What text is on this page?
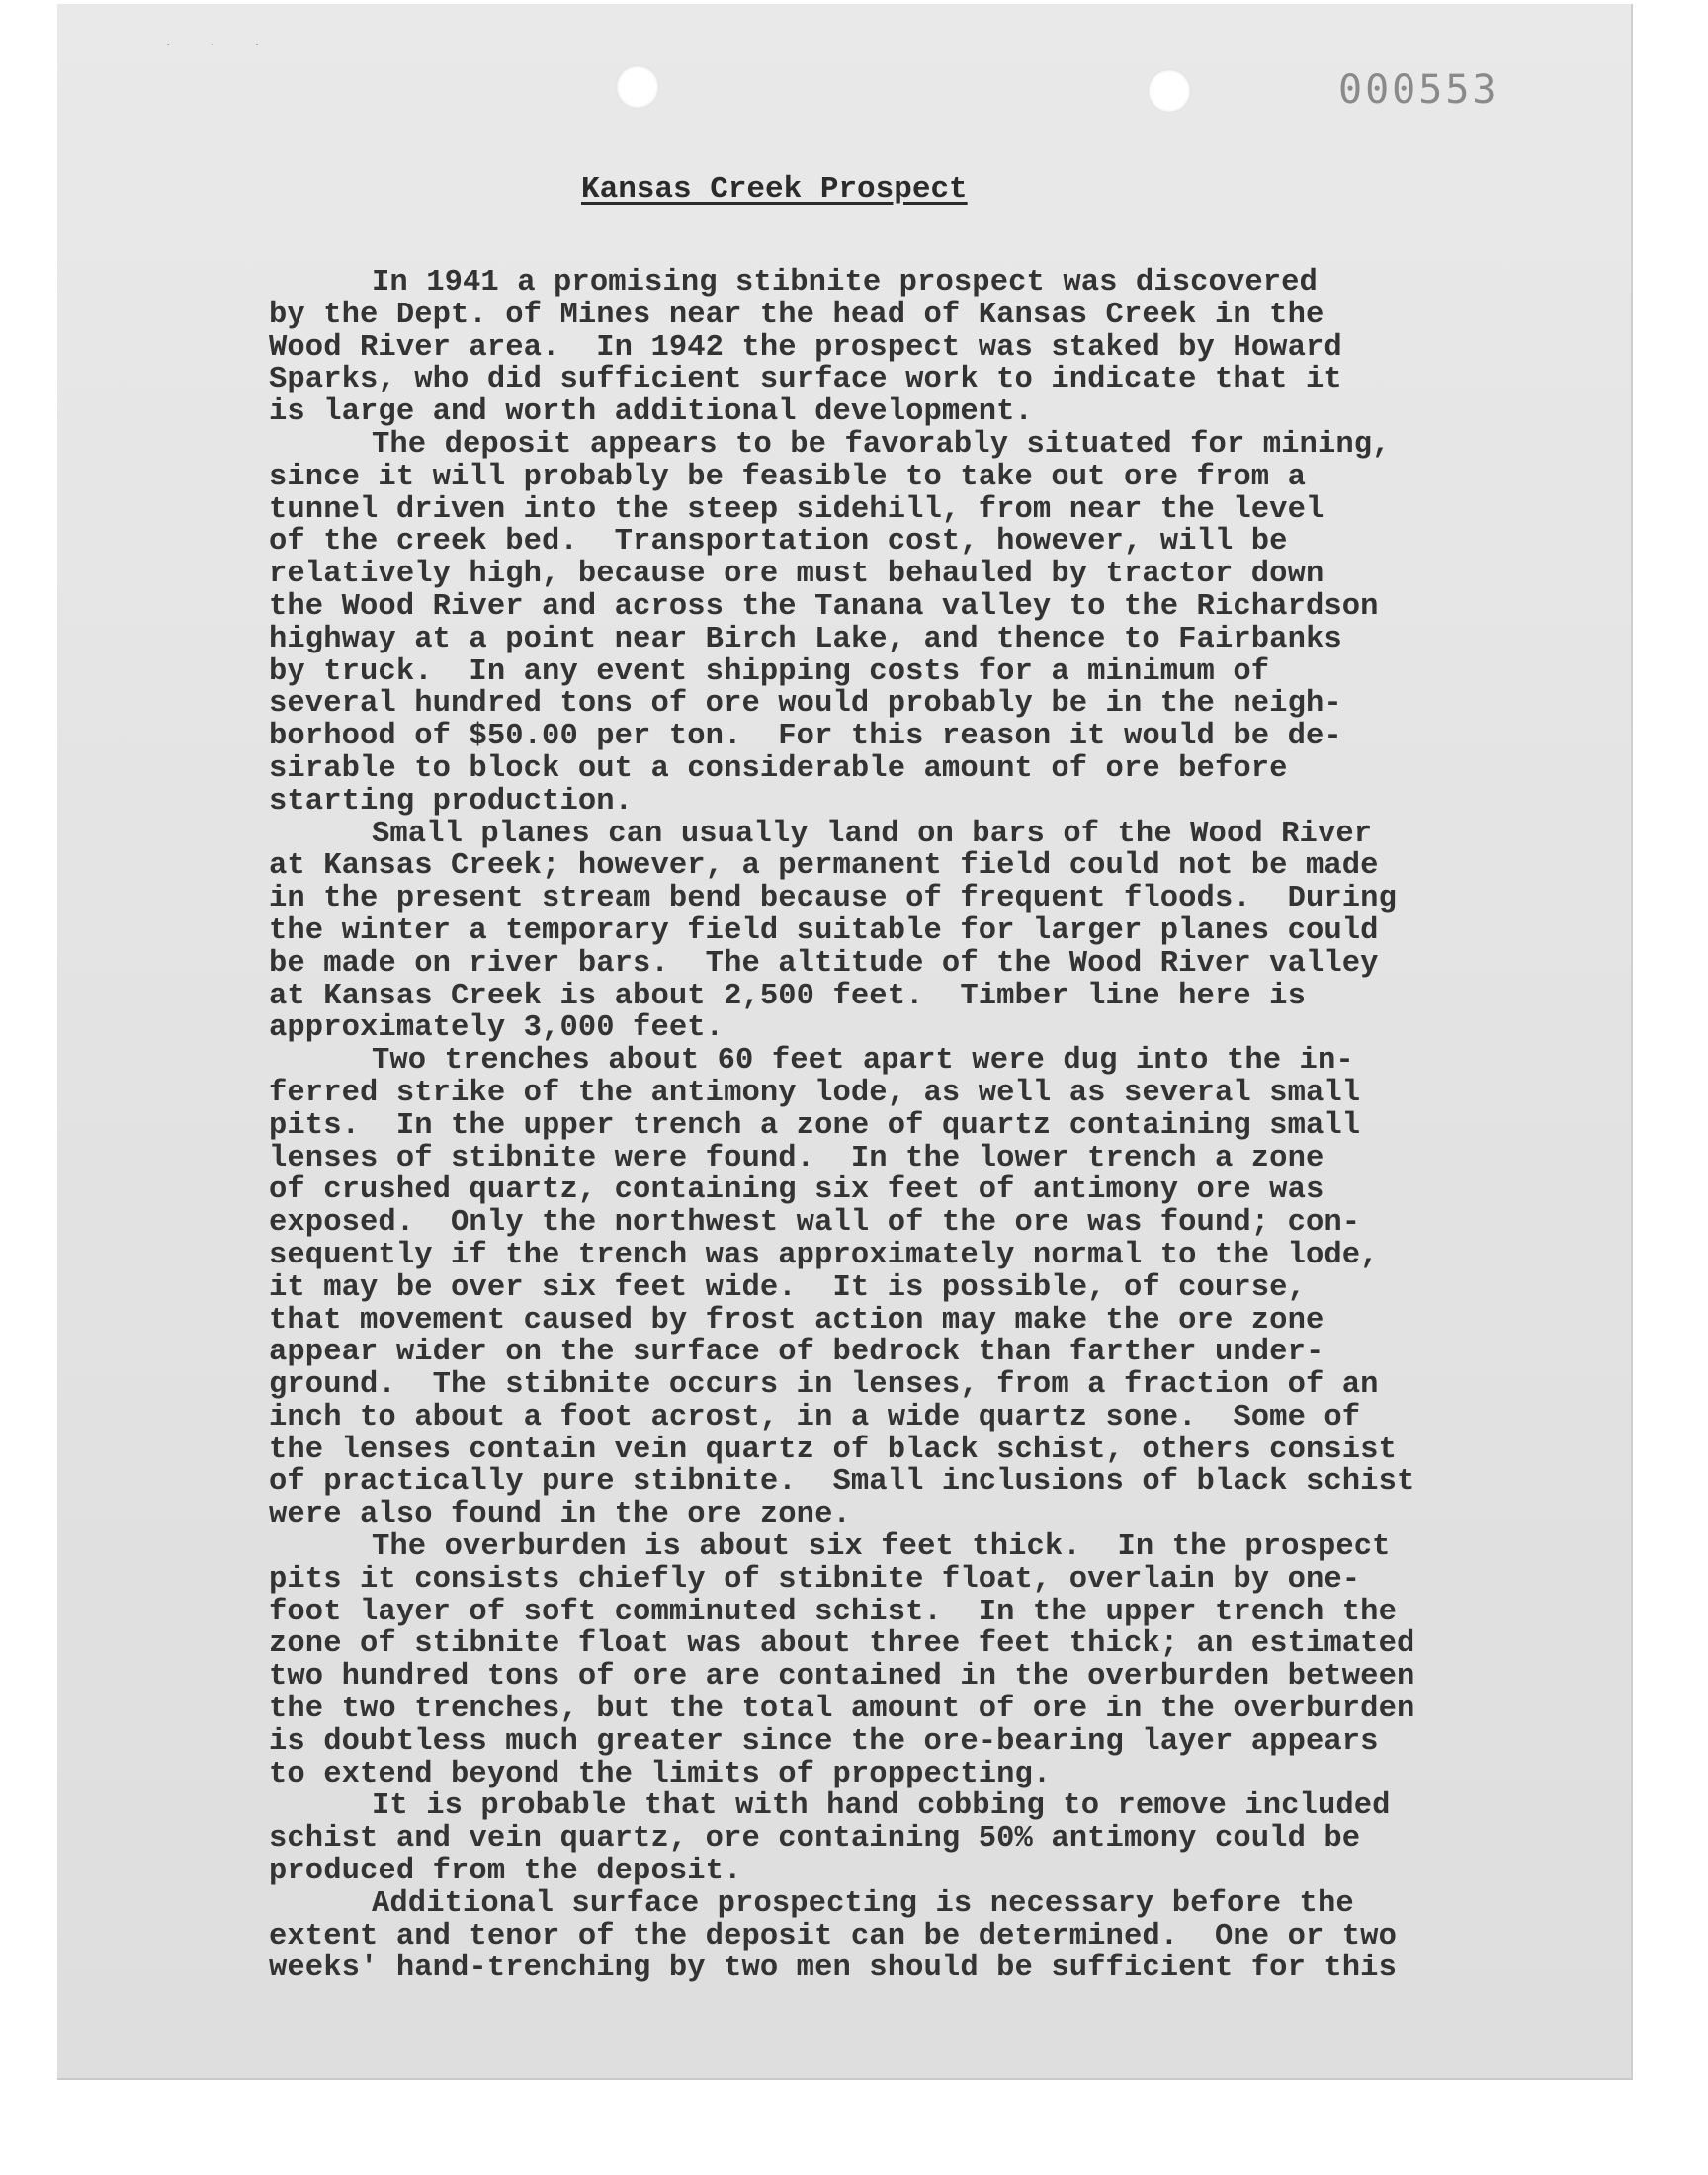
· · ·
000553
Kansas Creek Prospect
In 1941 a promising stibnite prospect was discovered
by the Dept. of Mines near the head of Kansas Creek in the
Wood River area.  In 1942 the prospect was staked by Howard
Sparks, who did sufficient surface work to indicate that it
is large and worth additional development.
The deposit appears to be favorably situated for mining,
since it will probably be feasible to take out ore from a
tunnel driven into the steep sidehill, from near the level
of the creek bed.  Transportation cost, however, will be
relatively high, because ore must behauled by tractor down
the Wood River and across the Tanana valley to the Richardson
highway at a point near Birch Lake, and thence to Fairbanks
by truck.  In any event shipping costs for a minimum of
several hundred tons of ore would probably be in the neigh-
borhood of $50.00 per ton.  For this reason it would be de-
sirable to block out a considerable amount of ore before
starting production.
Small planes can usually land on bars of the Wood River
at Kansas Creek; however, a permanent field could not be made
in the present stream bend because of frequent floods.  During
the winter a temporary field suitable for larger planes could
be made on river bars.  The altitude of the Wood River valley
at Kansas Creek is about 2,500 feet.  Timber line here is
approximately 3,000 feet.
Two trenches about 60 feet apart were dug into the in-
ferred strike of the antimony lode, as well as several small
pits.  In the upper trench a zone of quartz containing small
lenses of stibnite were found.  In the lower trench a zone
of crushed quartz, containing six feet of antimony ore was
exposed.  Only the northwest wall of the ore was found; con-
sequently if the trench was approximately normal to the lode,
it may be over six feet wide.  It is possible, of course,
that movement caused by frost action may make the ore zone
appear wider on the surface of bedrock than farther under-
ground.  The stibnite occurs in lenses, from a fraction of an
inch to about a foot acrost, in a wide quartz sone.  Some of
the lenses contain vein quartz of black schist, others consist
of practically pure stibnite.  Small inclusions of black schist
were also found in the ore zone.
The overburden is about six feet thick.  In the prospect
pits it consists chiefly of stibnite float, overlain by one-
foot layer of soft comminuted schist.  In the upper trench the
zone of stibnite float was about three feet thick; an estimated
two hundred tons of ore are contained in the overburden between
the two trenches, but the total amount of ore in the overburden
is doubtless much greater since the ore-bearing layer appears
to extend beyond the limits of proppecting.
It is probable that with hand cobbing to remove included
schist and vein quartz, ore containing 50% antimony could be
produced from the deposit.
Additional surface prospecting is necessary before the
extent and tenor of the deposit can be determined.  One or two
weeks' hand-trenching by two men should be sufficient for this
